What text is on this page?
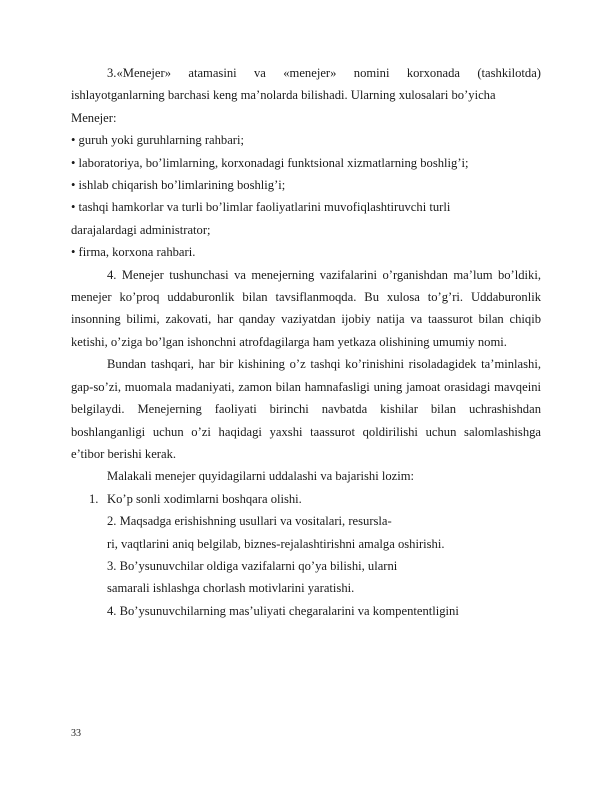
3.«Menejer» atamasini va «menejer» nomini korxonada (tashkilotda) ishlayotganlarning barchasi keng ma’nolarda bilishadi. Ularning xulosalari bo’yicha

Menejer:

• guruh yoki guruhlarning rahbari;

• laboratoriya, bo’limlarning, korxonadagi funktsional xizmatlarning boshlig’i;

• ishlab chiqarish bo’limlarining boshlig’i;

• tashqi hamkorlar va turli bo’limlar faoliyatlarini muvofiqlashtiruvchi turli

darajalardagi administrator;

• firma, korxona rahbari.

4. Menejer tushunchasi va menejerning vazifalarini o’rganishdan ma’lum bo’ldiki, menejer ko’proq uddaburonlik bilan tavsiflanmoqda. Bu xulosa to’g’ri. Uddaburonlik insonning bilimi, zakovati, har qanday vaziyatdan ijobiy natija va taassurot bilan chiqib ketishi, o’ziga bo’lgan ishonchni atrofdagilarga ham yetkaza olishining umumiy nomi.

Bundan tashqari, har bir kishining o’z tashqi ko’rinishini risoladagidek ta’minlashi, gap-so’zi, muomala madaniyati, zamon bilan hamnafasligi uning jamoat orasidagi mavqeini belgilaydi. Menejerning faoliyati birinchi navbatda kishilar bilan uchrashishdan boshlanganligi uchun o’zi haqidagi yaxshi taassurot qoldirilishi uchun salomlashishga e’tibor berishi kerak.

Malakali menejer quyidagilarni uddalashi va bajarishi lozim:

1. Ko’p sonli xodimlarni boshqara olishi.

2. Maqsadga erishishning usullari va vositalari, resursla-

ri, vaqtlarini aniq belgilab, biznes-rejalashtirishni amalga oshirishi.

3. Bo’ysunuvchilar oldiga vazifalarni qo’ya bilishi, ularni

samarali ishlashga chorlash motivlarini yaratishi.

4. Bo’ysunuvchilarning mas’uliyati chegaralarini va kompententligini

33
